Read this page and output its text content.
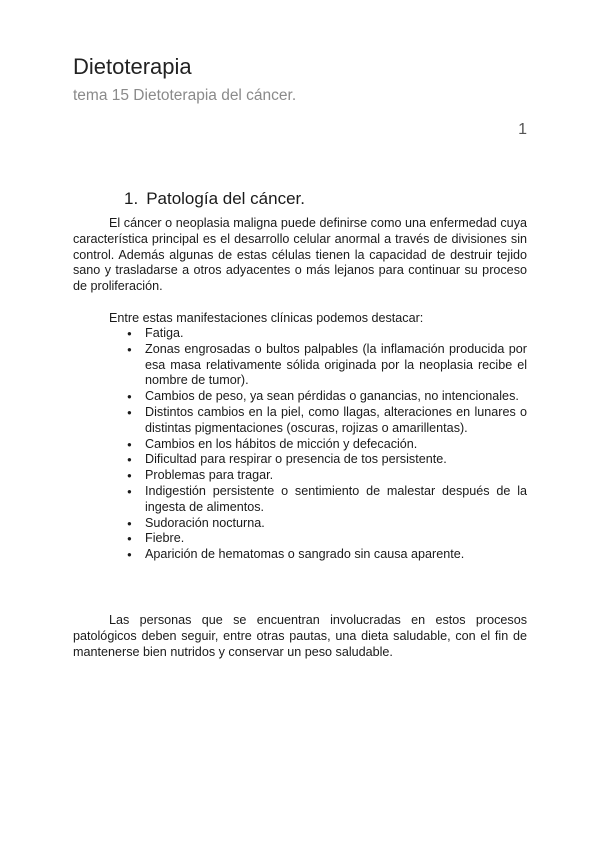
Dietoterapia
tema 15 Dietoterapia del cáncer.
1
1. Patología del cáncer.

El cáncer o neoplasia maligna puede definirse como una enfermedad cuya característica principal es el desarrollo celular anormal a través de divisiones sin control. Además algunas de estas células tienen la capacidad de destruir tejido sano y trasladarse a otros adyacentes o más lejanos para continuar su proceso de proliferación.

Entre estas manifestaciones clínicas podemos destacar:

● Fatiga.
● Zonas engrosadas o bultos palpables (la inflamación producida por esa masa relativamente sólida originada por la neoplasia recibe el nombre de tumor).
● Cambios de peso, ya sean pérdidas o ganancias, no intencionales.
● Distintos cambios en la piel, como llagas, alteraciones en lunares o distintas pigmentaciones (oscuras, rojizas o amarillentas).
● Cambios en los hábitos de micción y defecación.
● Dificultad para respirar o presencia de tos persistente.
● Problemas para tragar.
● Indigestión persistente o sentimiento de malestar después de la ingesta de alimentos.
● Sudoración nocturna.
● Fiebre.
● Aparición de hematomas o sangrado sin causa aparente.

Las personas que se encuentran involucradas en estos procesos patológicos deben seguir, entre otras pautas, una dieta saludable, con el fin de mantenerse bien nutridos y conservar un peso saludable.
